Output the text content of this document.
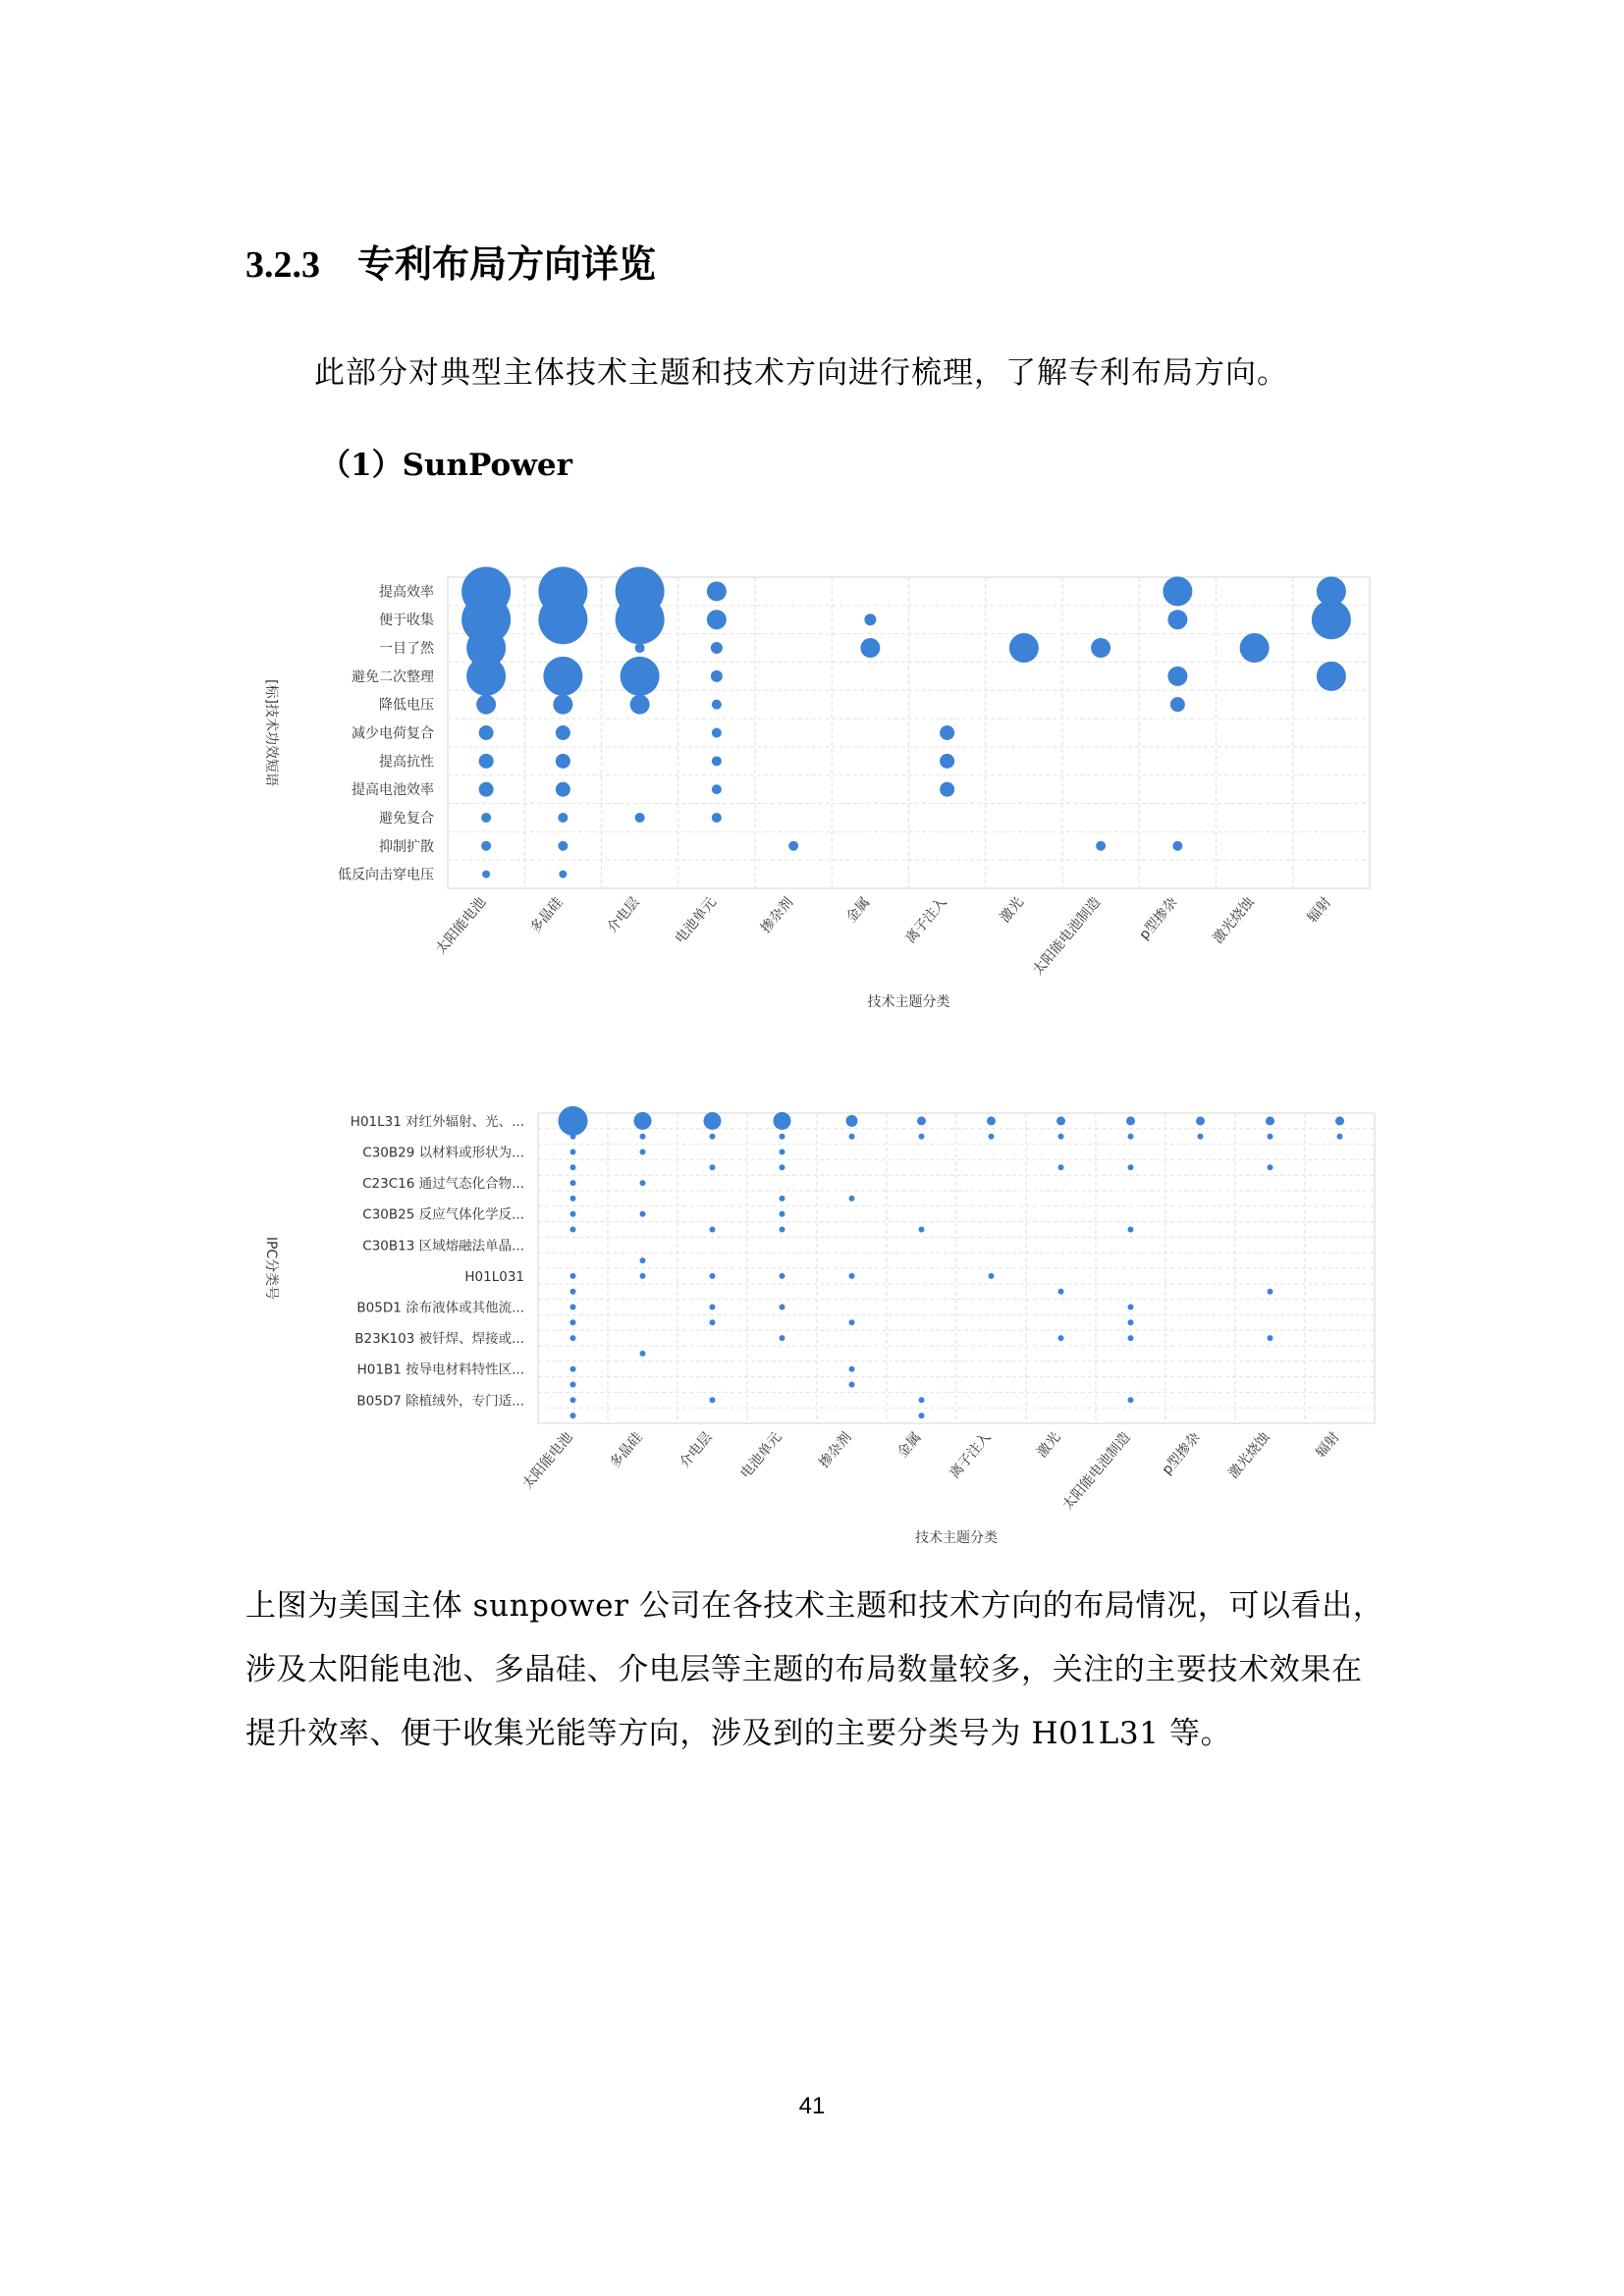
3.2.3 专利布局方向详览
此部分对典型主体技术主题和技术方向进行梳理，了解专利布局方向。
（1）SunPower
提高效率
便于收集
一目了然
避免二次整理
降低电压
减少电荷复合
提高抗性
提高电池效率
避免复合
抑制扩散
低反向击穿电压
太阳能电池	多晶硅	介电层 电池单元	掺杂剂	金属 离子注入	激光 太阳能电池制造 p型掺杂 激光烧蚀	辐射
技术主题分类
[标]技术功效短语
H01L31 对红外辐射、光、...
C30B29 以材料或形状为...
C23C16 通过气态化合物...
C30B25 反应气体化学反...
C30B13 区域熔融法单晶...
H01L031
B05D1 涂布液体或其他流...
B23K103 被钎焊、焊接或...
H01B1 按导电材料特性区...
B05D7 除植绒外，专门适...
太阳能电池 多晶硅 介电层 电池单元 掺杂剂	金属 离子注入	激光
太阳能电池制造 p型掺杂 激光烧蚀	辐射
技术主题分类
IPC分类号
上图为美国主体 sunpower 公司在各技术主题和技术方向的布局情况，可以看出，涉及太阳能电池、多晶硅、介电层等主题的布局数量较多，关注的主要技术效果在提升效率、便于收集光能等方向，涉及到的主要分类号为 H01L31 等。
41
